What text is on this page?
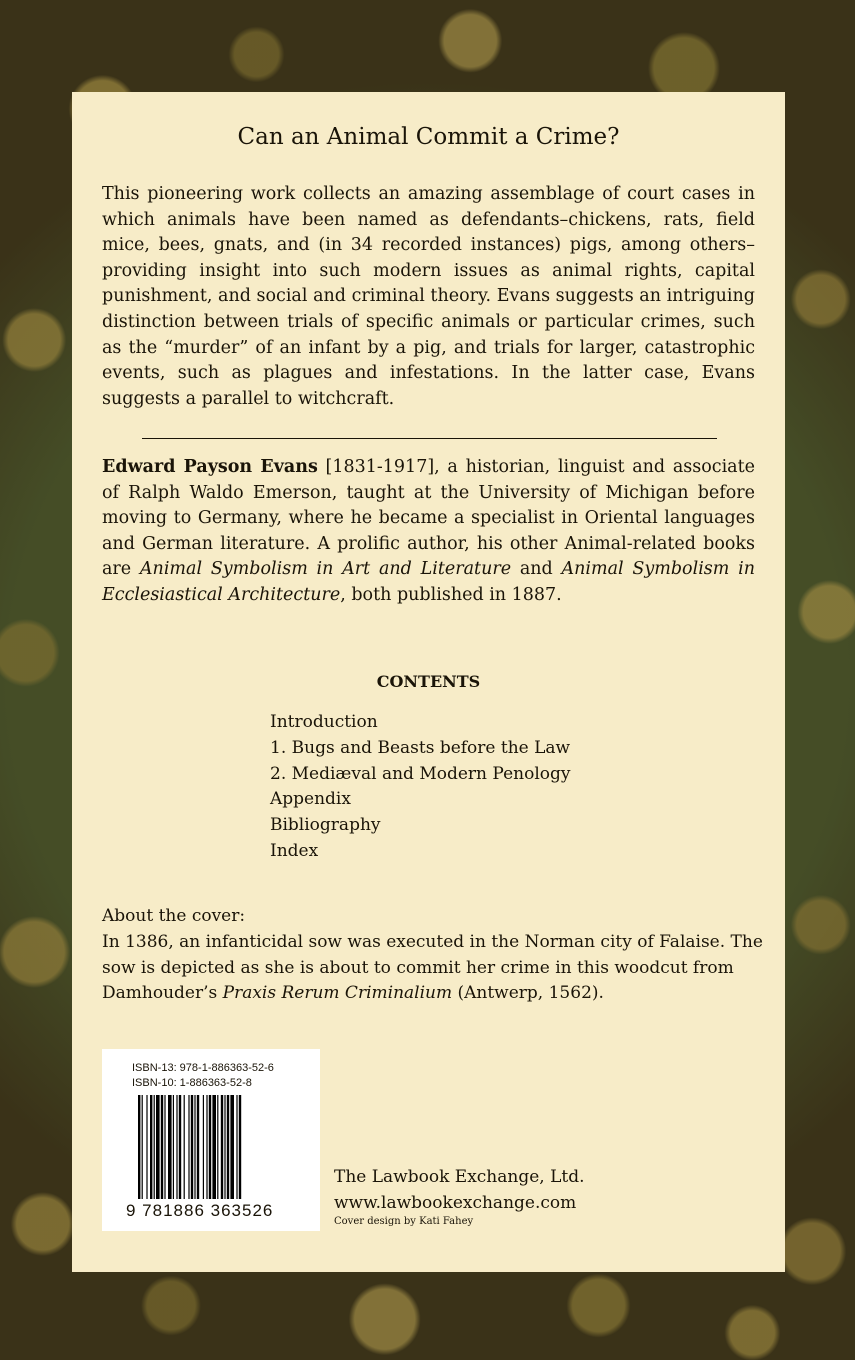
Can an Animal Commit a Crime?
This pioneering work collects an amazing assemblage of court cases in which animals have been named as defendants–chickens, rats, field mice, bees, gnats, and (in 34 recorded instances) pigs, among others–providing insight into such modern issues as animal rights, capital punishment, and social and criminal theory. Evans suggests an intriguing distinction between trials of specific animals or particular crimes, such as the “murder” of an infant by a pig, and trials for larger, catastrophic events, such as plagues and infestations. In the latter case, Evans suggests a parallel to witchcraft.
Edward Payson Evans [1831-1917], a historian, linguist and associate of Ralph Waldo Emerson, taught at the University of Michigan before moving to Germany, where he became a specialist in Oriental languages and German literature. A prolific author, his other Animal-related books are Animal Symbolism in Art and Literature and Animal Symbolism in Ecclesiastical Architecture, both published in 1887.
CONTENTS
Introduction
1. Bugs and Beasts before the Law
2. Mediæval and Modern Penology
Appendix
Bibliography
Index
About the cover:
In 1386, an infanticidal sow was executed in the Norman city of Falaise. The sow is depicted as she is about to commit her crime in this woodcut from Damhouder’s Praxis Rerum Criminalium (Antwerp, 1562).
ISBN-13: 978-1-886363-52-6
ISBN-10: 1-886363-52-8
9 781886 363526
The Lawbook Exchange, Ltd.
www.lawbookexchange.com
Cover design by Kati Fahey
